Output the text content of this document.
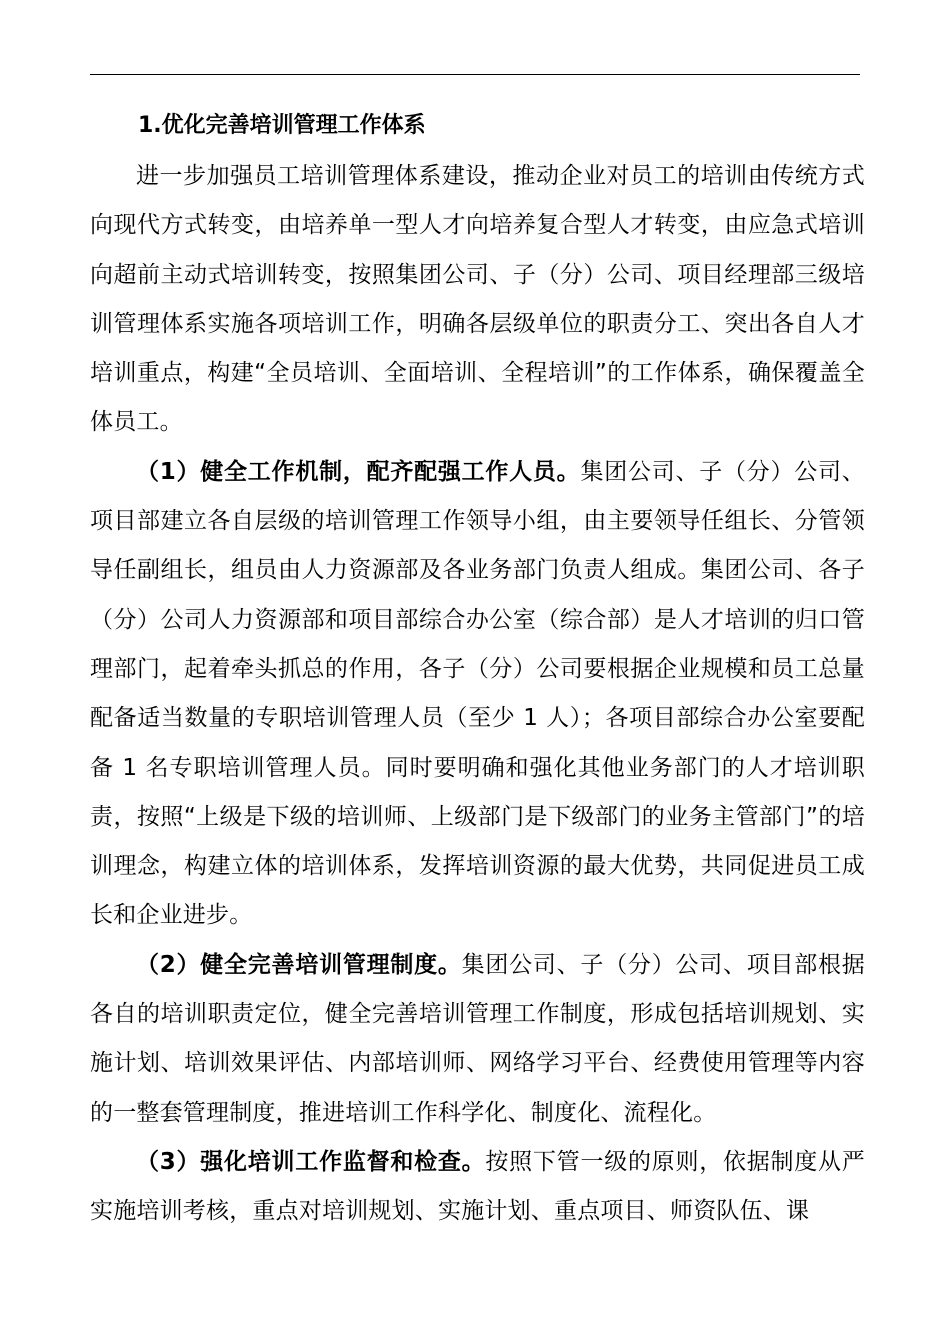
1.优化完善培训管理工作体系

进一步加强员工培训管理体系建设，推动企业对员工的培训由传统方式向现代方式转变，由培养单一型人才向培养复合型人才转变，由应急式培训向超前主动式培训转变，按照集团公司、子（分）公司、项目经理部三级培训管理体系实施各项培训工作，明确各层级单位的职责分工、突出各自人才培训重点，构建“全员培训、全面培训、全程培训”的工作体系，确保覆盖全体员工。

（1）健全工作机制，配齐配强工作人员。集团公司、子（分）公司、项目部建立各自层级的培训管理工作领导小组，由主要领导任组长、分管领导任副组长，组员由人力资源部及各业务部门负责人组成。集团公司、各子（分）公司人力资源部和项目部综合办公室（综合部）是人才培训的归口管理部门，起着牵头抓总的作用，各子（分）公司要根据企业规模和员工总量配备适当数量的专职培训管理人员（至少 1 人）；各项目部综合办公室要配备 1 名专职培训管理人员。同时要明确和强化其他业务部门的人才培训职责，按照“上级是下级的培训师、上级部门是下级部门的业务主管部门”的培训理念，构建立体的培训体系，发挥培训资源的最大优势，共同促进员工成长和企业进步。

（2）健全完善培训管理制度。集团公司、子（分）公司、项目部根据各自的培训职责定位，健全完善培训管理工作制度，形成包括培训规划、实施计划、培训效果评估、内部培训师、网络学习平台、经费使用管理等内容的一整套管理制度，推进培训工作科学化、制度化、流程化。

（3）强化培训工作监督和检查。按照下管一级的原则，依据制度从严实施培训考核，重点对培训规划、实施计划、重点项目、师资队伍、课
